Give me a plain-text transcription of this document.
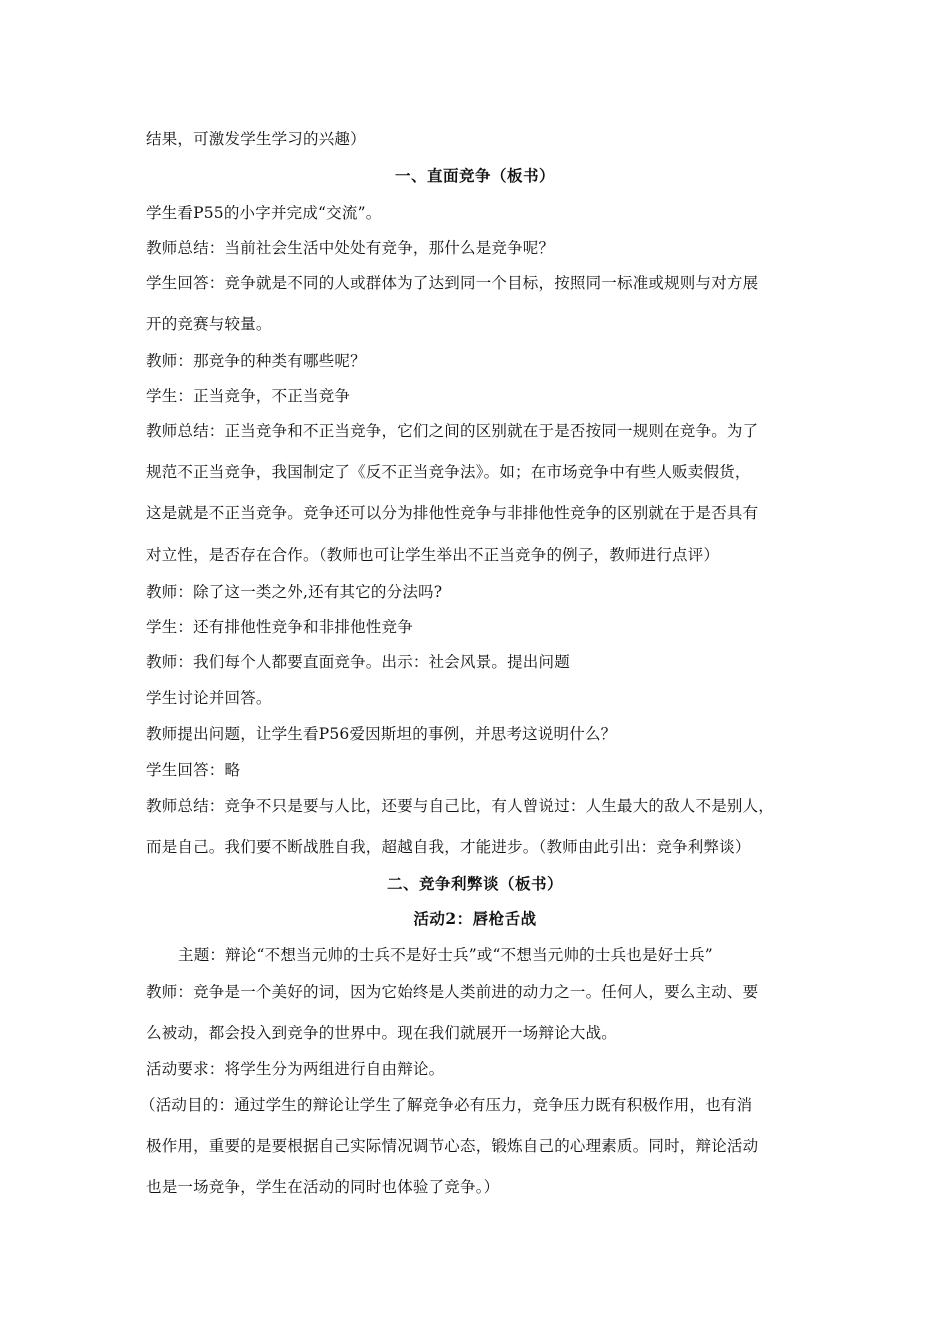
结果，可激发学生学习的兴趣）
一、直面竞争（板书）
学生看P55的小字并完成“交流”。
教师总结：当前社会生活中处处有竞争，那什么是竞争呢？
学生回答：竞争就是不同的人或群体为了达到同一个目标，按照同一标准或规则与对方展
开的竞赛与较量。
教师：那竞争的种类有哪些呢？
学生：正当竞争，不正当竞争
教师总结：正当竞争和不正当竞争，它们之间的区别就在于是否按同一规则在竞争。为了
规范不正当竞争，我国制定了《反不正当竞争法》。如；在市场竞争中有些人贩卖假货，
这是就是不正当竞争。竞争还可以分为排他性竞争与非排他性竞争的区别就在于是否具有
对立性，是否存在合作。（教师也可让学生举出不正当竞争的例子，教师进行点评）
教师：除了这一类之外,还有其它的分法吗?
学生：还有排他性竞争和非排他性竞争
教师：我们每个人都要直面竞争。出示：社会风景。提出问题
学生讨论并回答。
教师提出问题，让学生看P56爱因斯坦的事例，并思考这说明什么？
学生回答：略
教师总结：竞争不只是要与人比，还要与自己比，有人曾说过：人生最大的敌人不是别人，
而是自己。我们要不断战胜自我，超越自我，才能进步。（教师由此引出：竞争利弊谈）
二、竞争利弊谈（板书）
活动2：唇枪舌战
主题：辩论“不想当元帅的士兵不是好士兵”或“不想当元帅的士兵也是好士兵”
教师：竞争是一个美好的词，因为它始终是人类前进的动力之一。任何人，要么主动、要
么被动，都会投入到竞争的世界中。现在我们就展开一场辩论大战。
活动要求：将学生分为两组进行自由辩论。
（活动目的：通过学生的辩论让学生了解竞争必有压力，竞争压力既有积极作用，也有消
极作用，重要的是要根据自己实际情况调节心态，锻炼自己的心理素质。同时，辩论活动
也是一场竞争，学生在活动的同时也体验了竞争。）
